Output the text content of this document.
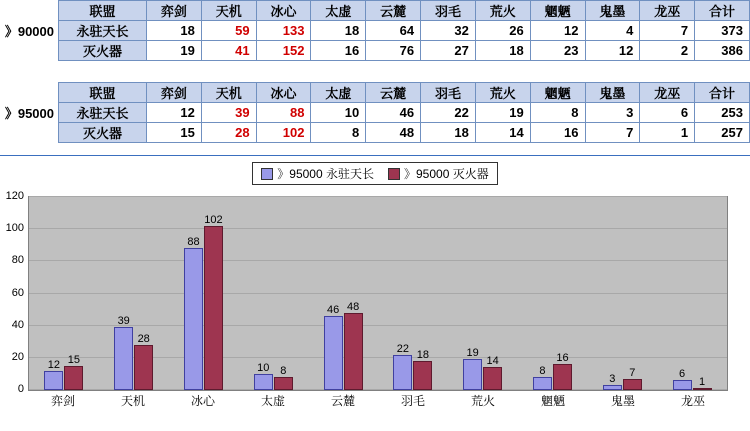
》90000
联盟	弈剑	天机	冰心	太虚	云麓	羽毛	荒火	魍魉	鬼墨	龙巫	合计
永驻天长	18	59	133	18	64	32	26	12	4	7	373
灭火器	19	41	152	16	76	27	18	23	12	2	386
》95000
联盟	弈剑	天机	冰心	太虚	云麓	羽毛	荒火	魍魉	鬼墨	龙巫	合计
永驻天长	12	39	88	10	46	22	19	8	3	6	253
灭火器	15	28	102	8	48	18	14	16	7	1	257
》95000 永驻天长	》95000 灭火器
0
20
40
60
80
100
120
12 15
39
28
88
102
10 8
46 48
22
18	19
14
8
16
3
7	6
1
弈剑	天机	冰心	太虚	云麓	羽毛	荒火	魍魉	鬼墨	龙巫
